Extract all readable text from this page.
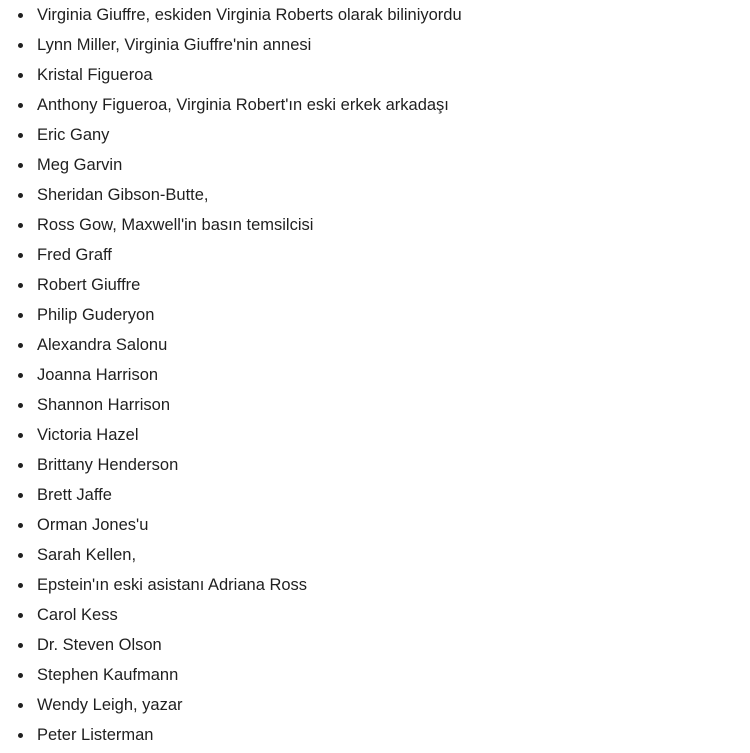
Virginia Giuffre, eskiden Virginia Roberts olarak biliniyordu
Lynn Miller, Virginia Giuffre'nin annesi
Kristal Figueroa
Anthony Figueroa, Virginia Robert'ın eski erkek arkadaşı
Eric Gany
Meg Garvin
Sheridan Gibson-Butte,
Ross Gow, Maxwell'in basın temsilcisi
Fred Graff
Robert Giuffre
Philip Guderyon
Alexandra Salonu
Joanna Harrison
Shannon Harrison
Victoria Hazel
Brittany Henderson
Brett Jaffe
Orman Jones'u
Sarah Kellen,
Epstein'ın eski asistanı Adriana Ross
Carol Kess
Dr. Steven Olson
Stephen Kaufmann
Wendy Leigh, yazar
Peter Listerman
